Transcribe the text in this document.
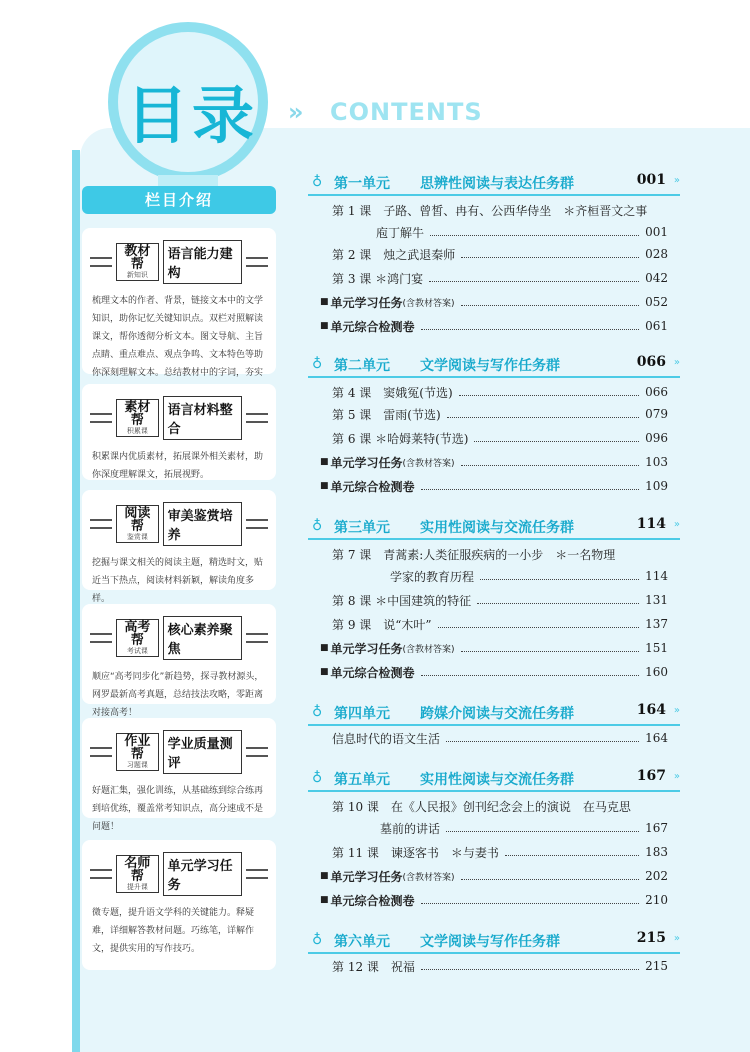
目录 » CONTENTS
栏目介绍
教材帮
新知识
语言能力建构
梳理文本的作者、背景，链接文本中的文学知识，助你记忆关键知识点。双栏对照解读课文，帮你透彻分析文本。图文导航、主旨点睛、重点难点、观点争鸣、文本特色等助你深刻理解文本。总结教材中的字词，夯实
素材帮
积累课
语言材料整合
积累课内优质素材，拓展课外相关素材，助你深度理解课文，拓展视野。
阅读帮
鉴赏课
审美鉴赏培养
挖掘与课文相关的阅读主题，精选时文，贴近当下热点，阅读材料新颖，解读角度多样。
高考帮
考试课
核心素养聚焦
顺应“高考同步化”新趋势，探寻教材源头，网罗最新高考真题，总结技法攻略，零距离对接高考！
作业帮
习题课
学业质量测评
好题汇集，强化训练，从基础练到综合练再到培优练，覆盖常考知识点，高分速成不是问题！
名师帮
提升课
单元学习任务
微专题，提升语文学科的关键能力。释疑难，详细解答教材问题。巧练笔，详解作文，提供实用的写作技巧。
♁ 第一单元 思辨性阅读与表达任务群	001 »
第 1 课　子路、曾皙、冉有、公西华侍坐　＊齐桓晋文之事
庖丁解牛	001
第 2 课　烛之武退秦师	028
第 3 课 ＊鸿门宴	042
■ 单元学习任务 (含教材答案)	052
■ 单元综合检测卷	061
♁ 第二单元 文学阅读与写作任务群	066 »
第 4 课　窦娥冤(节选)	066
第 5 课　雷雨(节选)	079
第 6 课 ＊哈姆莱特(节选)	096
■ 单元学习任务 (含教材答案)	103
■ 单元综合检测卷	109
♁ 第三单元 实用性阅读与交流任务群	114 »
第 7 课　青蒿素:人类征服疾病的一小步　＊一名物理
学家的教育历程	114
第 8 课 ＊中国建筑的特征	131
第 9 课　说“木叶”	137
■ 单元学习任务 (含教材答案)	151
■ 单元综合检测卷	160
♁ 第四单元 跨媒介阅读与交流任务群	164 »
信息时代的语文生活	164
♁ 第五单元 实用性阅读与交流任务群	167 »
第 10 课　在《人民报》创刊纪念会上的演说　在马克思
墓前的讲话	167
第 11 课　谏逐客书　＊与妻书	183
■ 单元学习任务 (含教材答案)	202
■ 单元综合检测卷	210
♁ 第六单元 文学阅读与写作任务群	215 »
第 12 课　祝福	215
